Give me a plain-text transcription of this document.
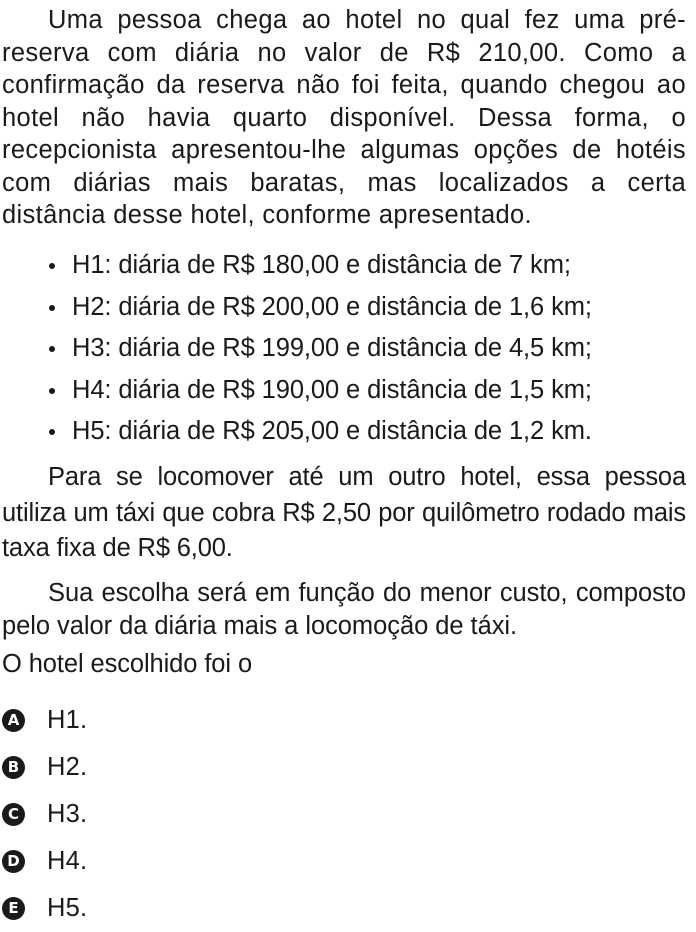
Uma pessoa chega ao hotel no qual fez uma pré-reserva com diária no valor de R$ 210,00. Como a confirmação da reserva não foi feita, quando chegou ao hotel não havia quarto disponível. Dessa forma, o recepcionista apresentou-lhe algumas opções de hotéis com diárias mais baratas, mas localizados a certa distância desse hotel, conforme apresentado.

H1: diária de R$ 180,00 e distância de 7 km;
H2: diária de R$ 200,00 e distância de 1,6 km;
H3: diária de R$ 199,00 e distância de 4,5 km;
H4: diária de R$ 190,00 e distância de 1,5 km;
H5: diária de R$ 205,00 e distância de 1,2 km.

Para se locomover até um outro hotel, essa pessoa utiliza um táxi que cobra R$ 2,50 por quilômetro rodado mais taxa fixa de R$ 6,00.

Sua escolha será em função do menor custo, composto pelo valor da diária mais a locomoção de táxi.

O hotel escolhido foi o

A H1.
B H2.
C H3.
D H4.
E H5.
